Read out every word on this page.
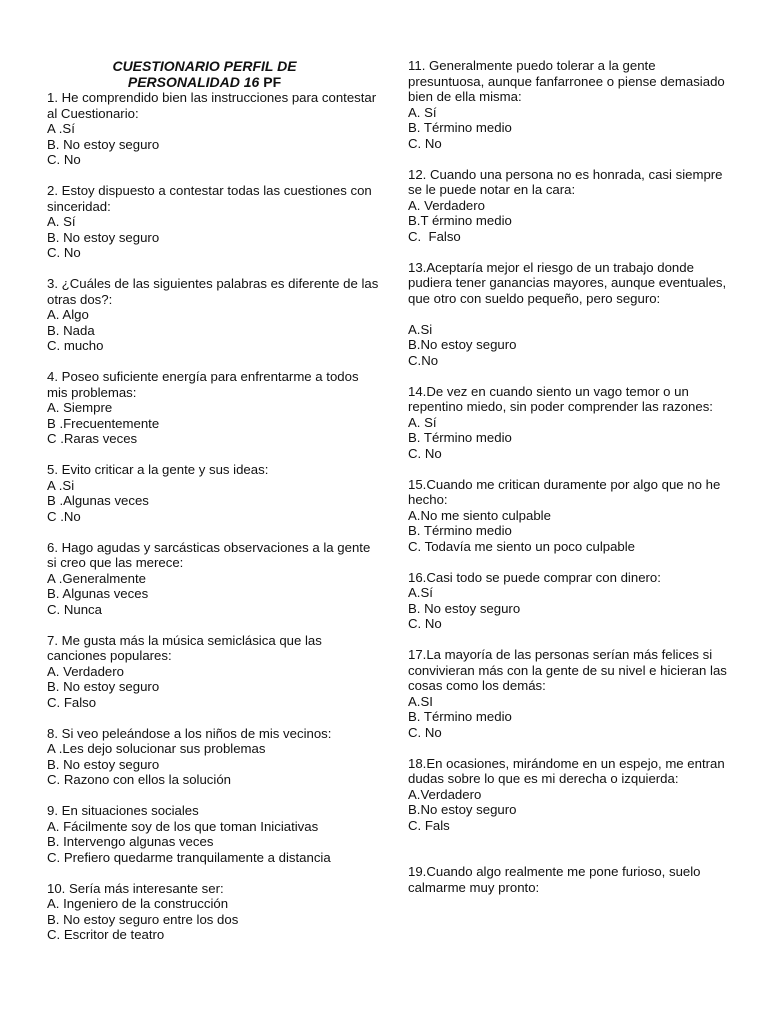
CUESTIONARIO PERFIL DE
PERSONALIDAD 16 PF
1. He comprendido bien las instrucciones para contestar al Cuestionario:
A .Sí
B. No estoy seguro
C. No
2. Estoy dispuesto a contestar todas las cuestiones con sinceridad:
A. Sí
B. No estoy seguro
C. No
3. ¿Cuáles de las siguientes palabras es diferente de las otras dos?:
A. Algo
B. Nada
C. mucho
4. Poseo suficiente energía para enfrentarme a todos mis problemas:
A. Siempre
B .Frecuentemente
C .Raras veces
5. Evito criticar a la gente y sus ideas:
A .Si
B .Algunas veces
C .No
6. Hago agudas y sarcásticas observaciones a la gente si creo que las merece:
A .Generalmente
B. Algunas veces
C. Nunca
7. Me gusta más la música semiclásica que las canciones populares:
A. Verdadero
B. No estoy seguro
C. Falso
8. Si veo peleándose a los niños de mis vecinos:
A .Les dejo solucionar sus problemas
B. No estoy seguro
C. Razono con ellos la solución
9. En situaciones sociales
A. Fácilmente soy de los que toman Iniciativas
B. Intervengo algunas veces
C. Prefiero quedarme tranquilamente a distancia
10. Sería más interesante ser:
A. Ingeniero de la construcción
B. No estoy seguro entre los dos
C. Escritor de teatro
11. Generalmente puedo tolerar a la gente presuntuosa, aunque fanfarronee o piense demasiado bien de ella misma:
A. Sí
B. Término medio
C. No
12. Cuando una persona no es honrada, casi siempre se le puede notar en la cara:
A. Verdadero
B.T érmino medio
C.  Falso
13.Aceptaría mejor el riesgo de un trabajo donde pudiera tener ganancias mayores, aunque eventuales, que otro con sueldo pequeño, pero seguro:
A.Si
B.No estoy seguro
C.No
14.De vez en cuando siento un vago temor o un repentino miedo, sin poder comprender las razones:
A. Sí
B. Término medio
C. No
15.Cuando me critican duramente por algo que no he hecho:
A.No me siento culpable
B. Término medio
C. Todavía me siento un poco culpable
16.Casi todo se puede comprar con dinero:
A.Sí
B. No estoy seguro
C. No
17.La mayoría de las personas serían más felices si convivieran más con la gente de su nivel e hicieran las cosas como los demás:
A.SI
B. Término medio
C. No
18.En ocasiones, mirándome en un espejo, me entran dudas sobre lo que es mi derecha o izquierda:
A.Verdadero
B.No estoy seguro
C. Fals
19.Cuando algo realmente me pone furioso, suelo calmarme muy pronto:
